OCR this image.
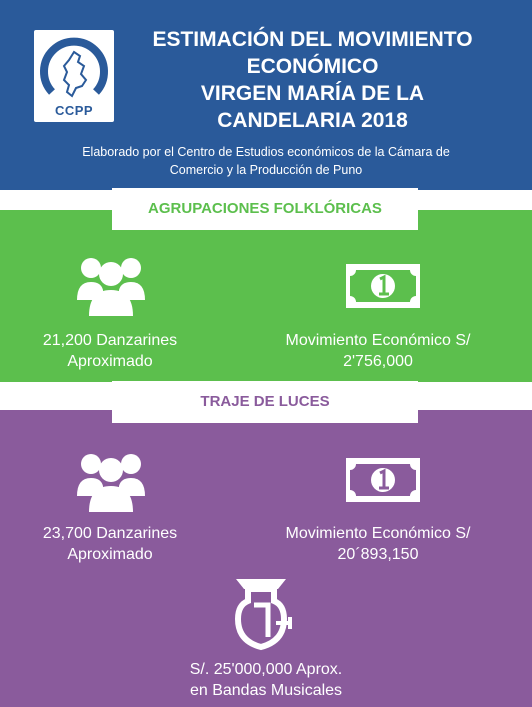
CCPP
ESTIMACIÓN DEL MOVIMIENTO
ECONÓMICO
VIRGEN MARÍA DE LA
CANDELARIA 2018
Elaborado por el Centro de Estudios económicos de la Cámara de
Comercio y la Producción de Puno
AGRUPACIONES FOLKLÓRICAS
21,200 Danzarines
Aproximado
Movimiento Económico S/
2'756,000
TRAJE DE LUCES
23,700 Danzarines
Aproximado
Movimiento Económico S/
20´893,150
S/. 25'000,000 Aprox.
en Bandas Musicales
